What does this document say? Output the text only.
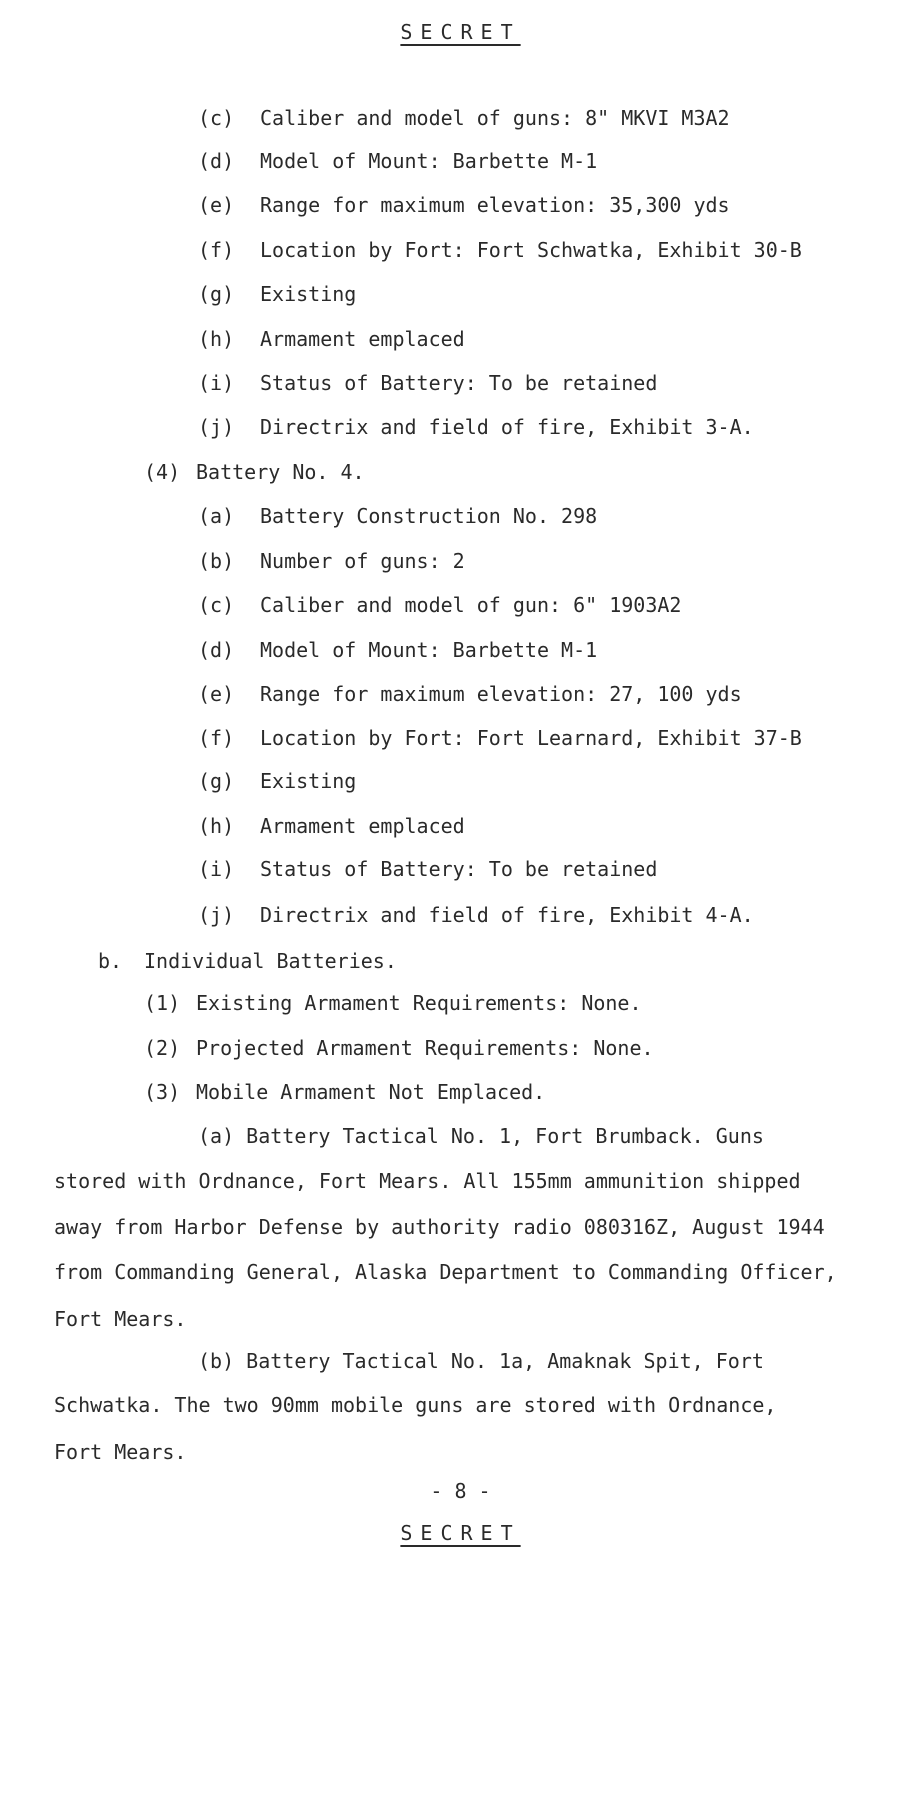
SECRET
(c) Caliber and model of guns: 8" MKVI M3A2
(d) Model of Mount: Barbette M-1
(e) Range for maximum elevation: 35,300 yds
(f) Location by Fort: Fort Schwatka, Exhibit 30-B
(g) Existing
(h) Armament emplaced
(i) Status of Battery: To be retained
(j) Directrix and field of fire, Exhibit 3-A.
(4) Battery No. 4.
(a) Battery Construction No. 298
(b) Number of guns: 2
(c) Caliber and model of gun: 6" 1903A2
(d) Model of Mount: Barbette M-1
(e) Range for maximum elevation: 27, 100 yds
(f) Location by Fort: Fort Learnard, Exhibit 37-B
(g) Existing
(h) Armament emplaced
(i) Status of Battery: To be retained
(j) Directrix and field of fire, Exhibit 4-A.
b. Individual Batteries.
(1) Existing Armament Requirements: None.
(2) Projected Armament Requirements: None.
(3) Mobile Armament Not Emplaced.
(a) Battery Tactical No. 1, Fort Brumback. Guns
stored with Ordnance, Fort Mears. All 155mm ammunition shipped
away from Harbor Defense by authority radio 080316Z, August 1944
from Commanding General, Alaska Department to Commanding Officer,
Fort Mears.
(b) Battery Tactical No. 1a, Amaknak Spit, Fort
Schwatka. The two 90mm mobile guns are stored with Ordnance,
Fort Mears.
- 8 -
SECRET
